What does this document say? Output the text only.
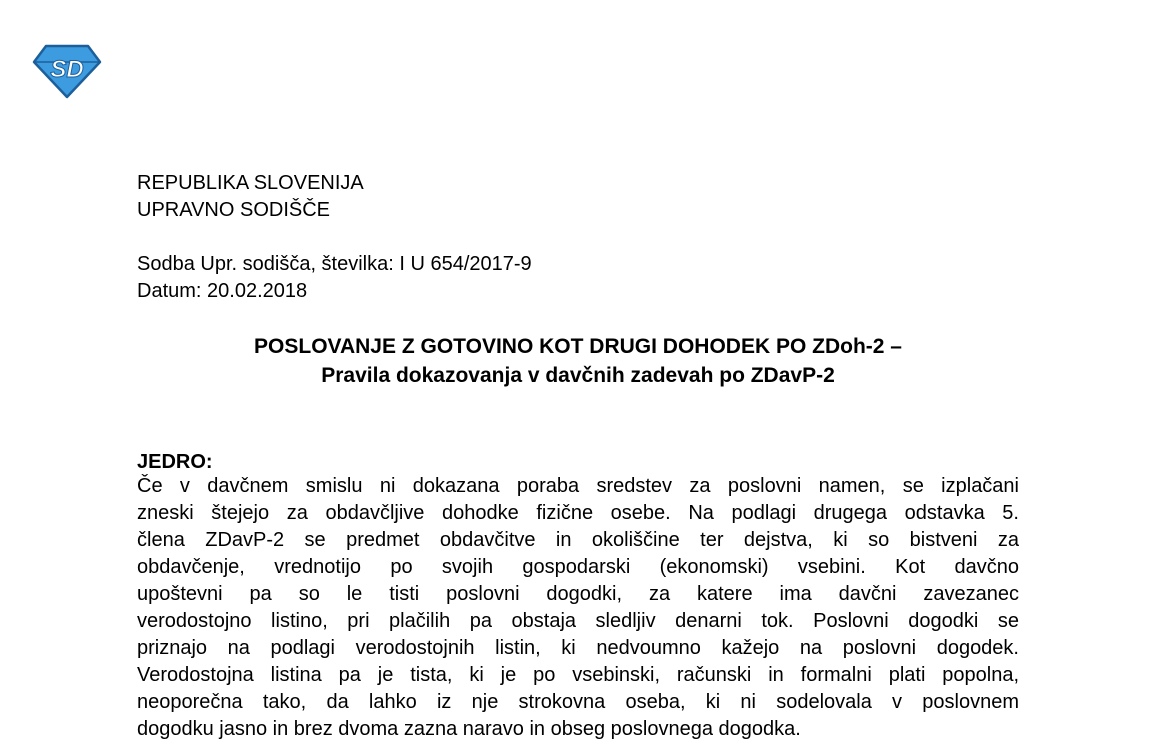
SD
REPUBLIKA SLOVENIJA
UPRAVNO SODIŠČE
Sodba Upr. sodišča, številka: I U 654/2017-9
Datum: 20.02.2018
POSLOVANJE Z GOTOVINO KOT DRUGI DOHODEK PO ZDoh-2 –
Pravila dokazovanja v davčnih zadevah po ZDavP-2
JEDRO:
Če v davčnem smislu ni dokazana poraba sredstev za poslovni namen, se izplačani
zneski štejejo za obdavčljive dohodke fizične osebe. Na podlagi drugega odstavka 5.
člena ZDavP-2 se predmet obdavčitve in okoliščine ter dejstva, ki so bistveni za
obdavčenje, vrednotijo po svojih gospodarski (ekonomski) vsebini. Kot davčno
upoštevni pa so le tisti poslovni dogodki, za katere ima davčni zavezanec
verodostojno listino, pri plačilih pa obstaja sledljiv denarni tok. Poslovni dogodki se
priznajo na podlagi verodostojnih listin, ki nedvoumno kažejo na poslovni dogodek.
Verodostojna listina pa je tista, ki je po vsebinski, računski in formalni plati popolna,
neoporečna tako, da lahko iz nje strokovna oseba, ki ni sodelovala v poslovnem
dogodku jasno in brez dvoma zazna naravo in obseg poslovnega dogodka.
